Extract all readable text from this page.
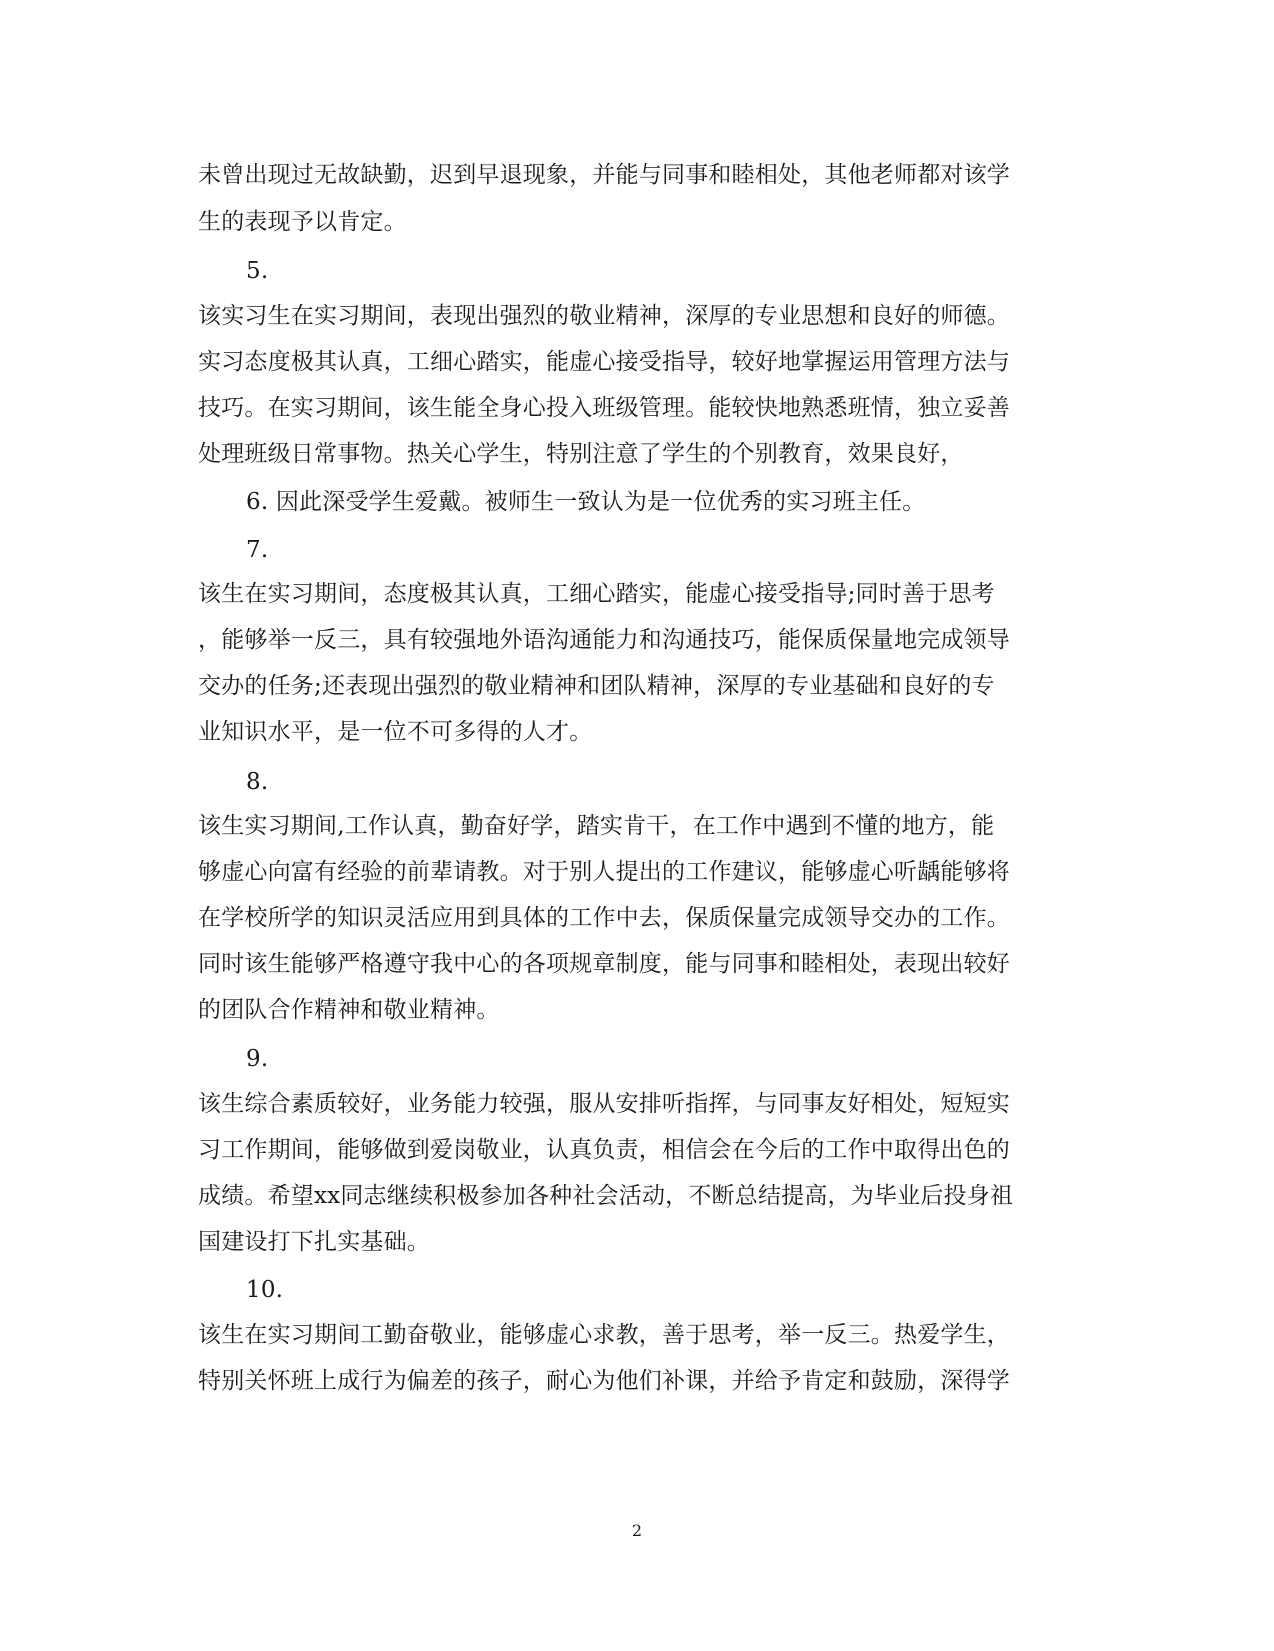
未曾出现过无故缺勤，迟到早退现象，并能与同事和睦相处，其他老师都对该学
生的表现予以肯定。
5.
该实习生在实习期间，表现出强烈的敬业精神，深厚的专业思想和良好的师德。
实习态度极其认真，工细心踏实，能虚心接受指导，较好地掌握运用管理方法与
技巧。在实习期间，该生能全身心投入班级管理。能较快地熟悉班情，独立妥善
处理班级日常事物。热关心学生，特别注意了学生的个别教育，效果良好，
6. 因此深受学生爱戴。被师生一致认为是一位优秀的实习班主任。
7.
该生在实习期间，态度极其认真，工细心踏实，能虚心接受指导;同时善于思考
，能够举一反三，具有较强地外语沟通能力和沟通技巧，能保质保量地完成领导
交办的任务;还表现出强烈的敬业精神和团队精神，深厚的专业基础和良好的专
业知识水平，是一位不可多得的人才。
8.
该生实习期间,工作认真，勤奋好学，踏实肯干，在工作中遇到不懂的地方，能
够虚心向富有经验的前辈请教。对于别人提出的工作建议，能够虚心听龋能够将
在学校所学的知识灵活应用到具体的工作中去，保质保量完成领导交办的工作。
同时该生能够严格遵守我中心的各项规章制度，能与同事和睦相处，表现出较好
的团队合作精神和敬业精神。
9.
该生综合素质较好，业务能力较强，服从安排听指挥，与同事友好相处，短短实
习工作期间，能够做到爱岗敬业，认真负责，相信会在今后的工作中取得出色的
成绩。希望xx同志继续积极参加各种社会活动，不断总结提高，为毕业后投身祖
国建设打下扎实基础。
10.
该生在实习期间工勤奋敬业，能够虚心求教，善于思考，举一反三。热爱学生，
特别关怀班上成行为偏差的孩子，耐心为他们补课，并给予肯定和鼓励，深得学
2
